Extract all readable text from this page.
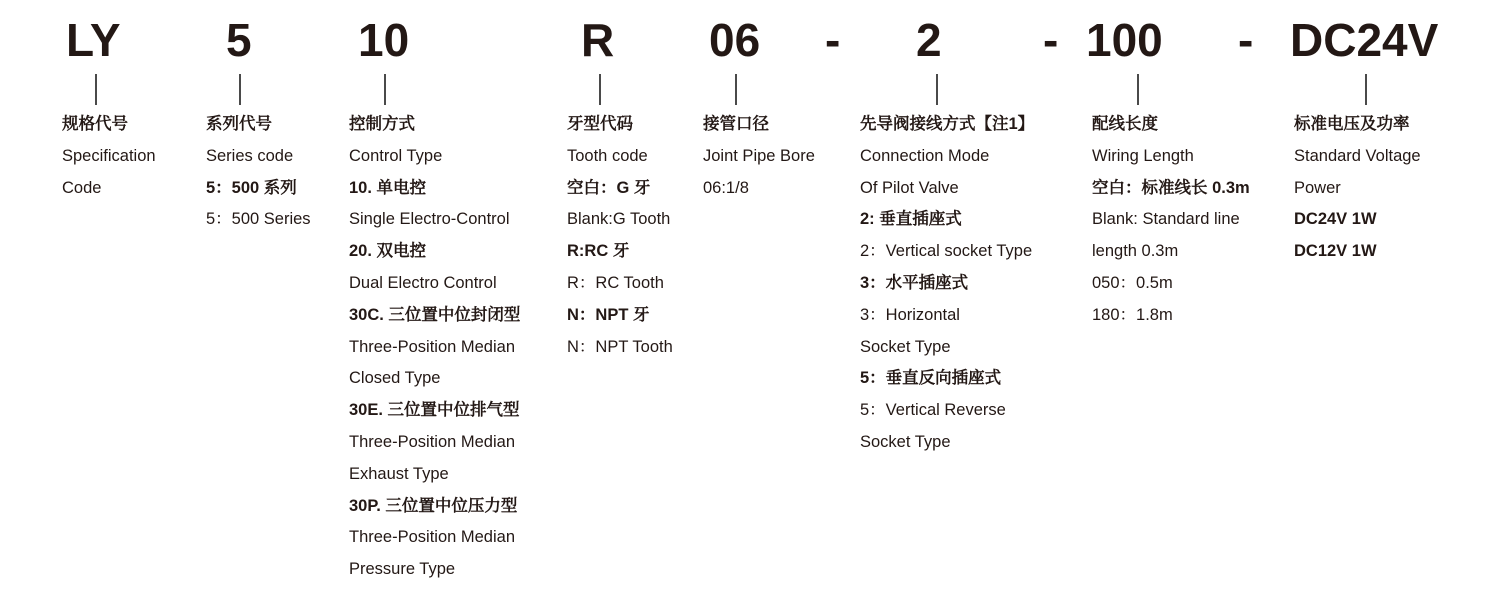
LY 5 10	R 06 - 2 - 100 - DC24V
规格代号
Specification
Code
系列代号
Series code
5：500 系列
5：500 Series
控制方式
Control Type
10. 单电控
Single Electro-Control
20. 双电控
Dual Electro Control
30C. 三位置中位封闭型
Three-Position Median
Closed Type
30E. 三位置中位排气型
Three-Position Median
Exhaust Type
30P. 三位置中位压力型
Three-Position Median
Pressure Type
牙型代码
Tooth code
空白：G 牙
Blank:G Tooth
R:RC 牙
R：RC Tooth
N：NPT 牙
N：NPT Tooth
接管口径
Joint Pipe Bore
06:1/8
先导阀接线方式【注1】
Connection Mode
Of Pilot Valve
2: 垂直插座式
2：Vertical socket Type
3：水平插座式
3：Horizontal
Socket Type
5：垂直反向插座式
5：Vertical Reverse
Socket Type
配线长度
Wiring Length
空白：标准线长 0.3m
Blank: Standard line
length 0.3m
050：0.5m
180：1.8m
标准电压及功率
Standard Voltage
Power
DC24V 1W
DC12V 1W
